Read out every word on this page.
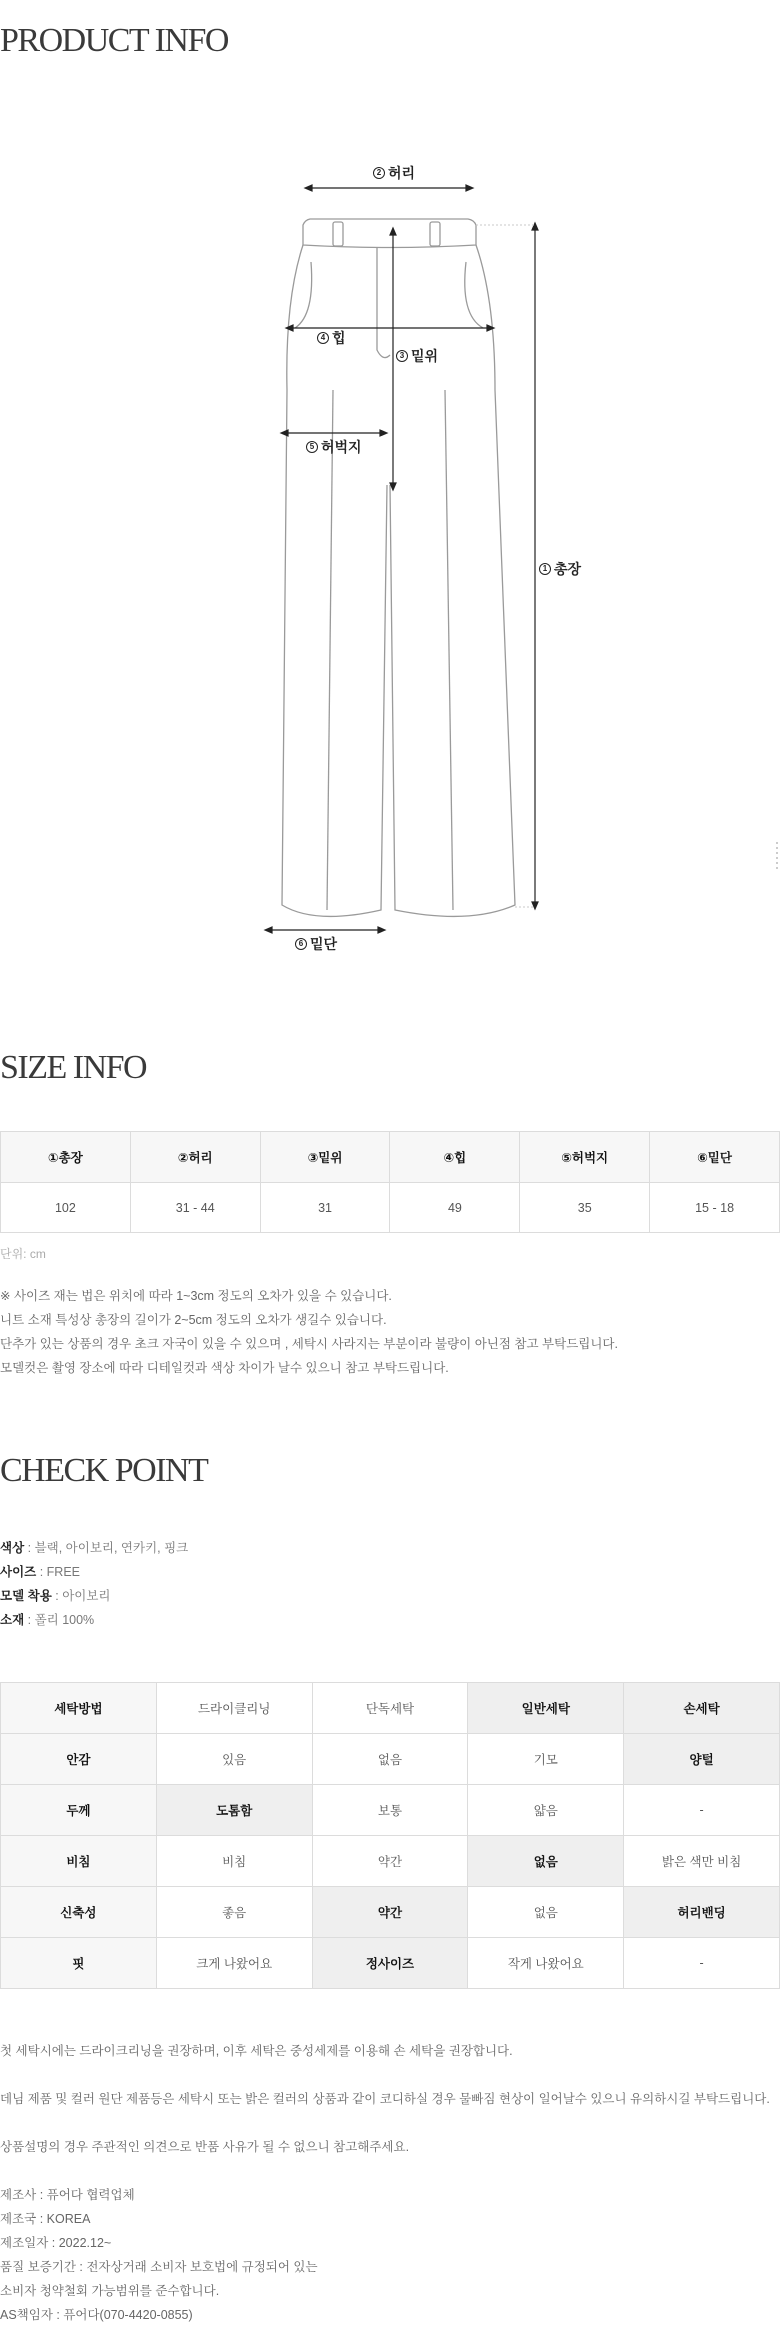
PRODUCT INFO
2 허리
4 힙
3 밑위
5 허벅지
1 총장
6 밑단
SIZE INFO
①총장	②허리	③밑위	④힙	⑤허벅지	⑥밑단
102	31 - 44	31	49	35	15 - 18
단위: cm

※ 사이즈 재는 법은 위치에 따라 1~3cm 정도의 오차가 있을 수 있습니다.

니트 소재 특성상 총장의 길이가 2~5cm 정도의 오차가 생길수 있습니다.

단추가 있는 상품의 경우 초크 자국이 있을 수 있으며 , 세탁시 사라지는 부분이라 불량이 아닌점 참고 부탁드립니다.

모델컷은 촬영 장소에 따라 디테일컷과 색상 차이가 날수 있으니 참고 부탁드립니다.

CHECK POINT

색상 : 블랙, 아이보리, 연카키, 핑크

사이즈 : FREE

모델 착용 : 아이보리

소재 : 폴리 100%

세탁방법	드라이클리닝	단독세탁	일반세탁	손세탁
안감	있음	없음	기모	양털
두께	도톰함	보통	얇음	-
비침	비침	약간	없음	밝은 색만 비침
신축성	좋음	약간	없음	허리밴딩
핏	크게 나왔어요	정사이즈	작게 나왔어요	-

첫 세탁시에는 드라이크리닝을 권장하며, 이후 세탁은 중성세제를 이용해 손 세탁을 권장합니다.

데님 제품 및 컬러 원단 제품등은 세탁시 또는 밝은 컬러의 상품과 같이 코디하실 경우 물빠짐 현상이 일어날수 있으니 유의하시길 부탁드립니다.

상품설명의 경우 주관적인 의견으로 반품 사유가 될 수 없으니 참고해주세요.

제조사 : 퓨어다 협력업체

제조국 : KOREA

제조일자 : 2022.12~

품질 보증기간 : 전자상거래 소비자 보호법에 규정되어 있는

소비자 청약철회 가능범위를 준수합니다.

AS책임자 : 퓨어다(070-4420-0855)
